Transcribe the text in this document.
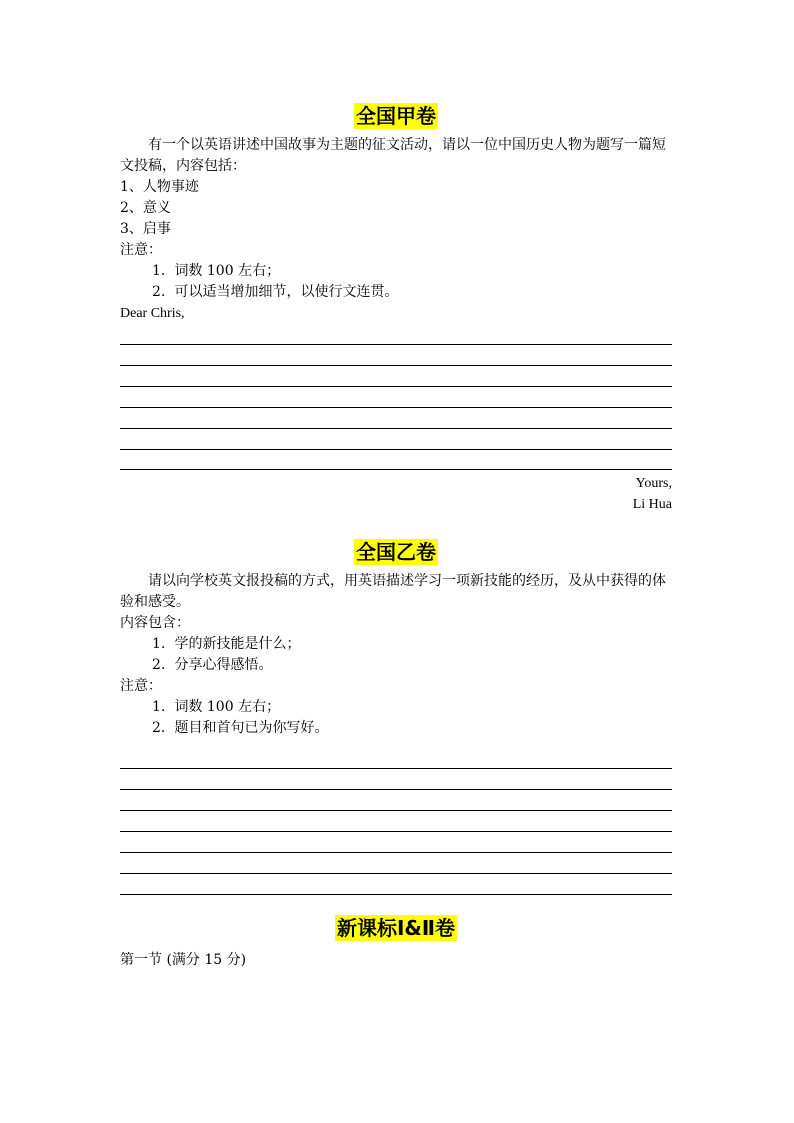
全国甲卷

有一个以英语讲述中国故事为主题的征文活动，请以一位中国历史人物为题写一篇短文投稿，内容包括：

1、人物事迹

2、意义

3、启事

注意：

1. 词数 100 左右；

2. 可以适当增加细节，以使行文连贯。

Dear Chris,

Yours,

Li Hua

全国乙卷

请以向学校英文报投稿的方式，用英语描述学习一项新技能的经历，及从中获得的体验和感受。

内容包含：

1. 学的新技能是什么；

2. 分享心得感悟。

注意：

1. 词数 100 左右；

2. 题目和首句已为你写好。

新课标Ⅰ&Ⅱ卷

第一节 (满分 15 分)
